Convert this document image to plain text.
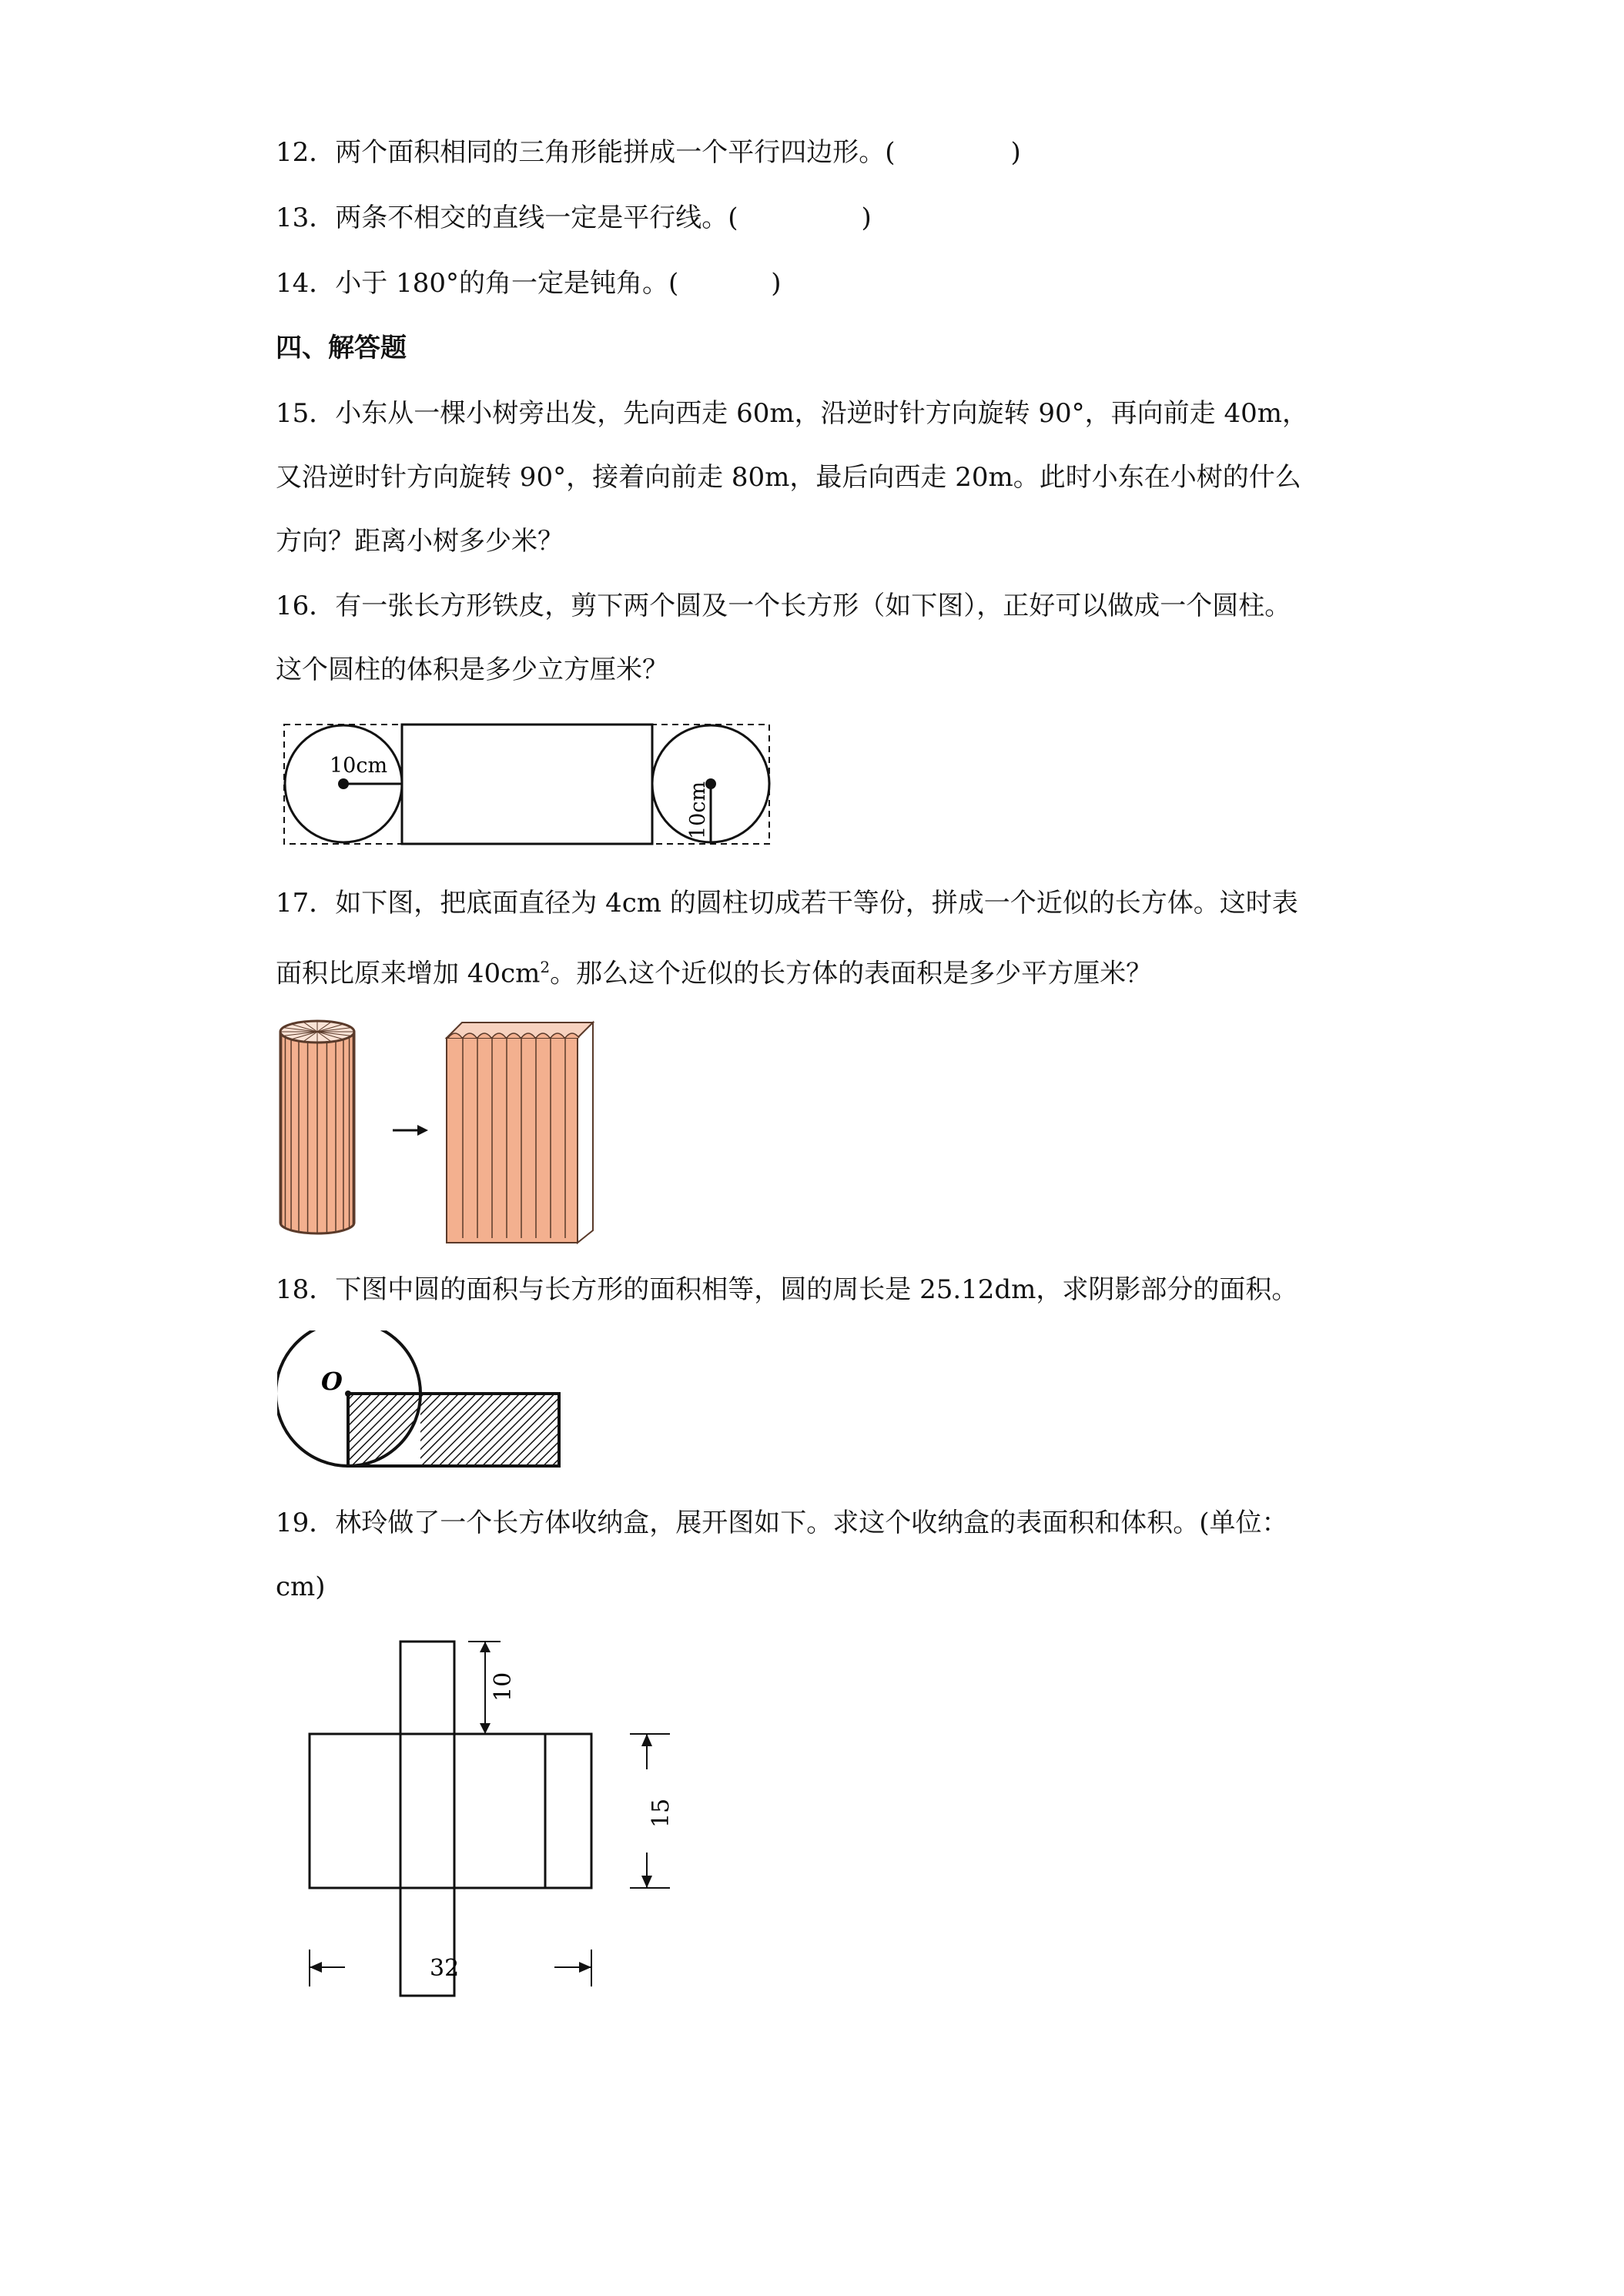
12．两个面积相同的三角形能拼成一个平行四边形。(	)
13．两条不相交的直线一定是平行线。(	)
14．小于 180°的角一定是钝角。(	)
四、解答题
15．小东从一棵小树旁出发，先向西走 60m，沿逆时针方向旋转 90°，再向前走 40m，
又沿逆时针方向旋转 90°，接着向前走 80m，最后向西走 20m。此时小东在小树的什么
方向？距离小树多少米？
16．有一张长方形铁皮，剪下两个圆及一个长方形（如下图），正好可以做成一个圆柱。
这个圆柱的体积是多少立方厘米？
10cm
10cm
17．如下图，把底面直径为 4cm 的圆柱切成若干等份，拼成一个近似的长方体。这时表
面积比原来增加 $40cm^2$。那么这个近似的长方体的表面积是多少平方厘米？
18．下图中圆的面积与长方形的面积相等，圆的周长是 25.12dm，求阴影部分的面积。
O
19．林玲做了一个长方体收纳盒，展开图如下。求这个收纳盒的表面积和体积。(单位：
cm)
10
15
32
